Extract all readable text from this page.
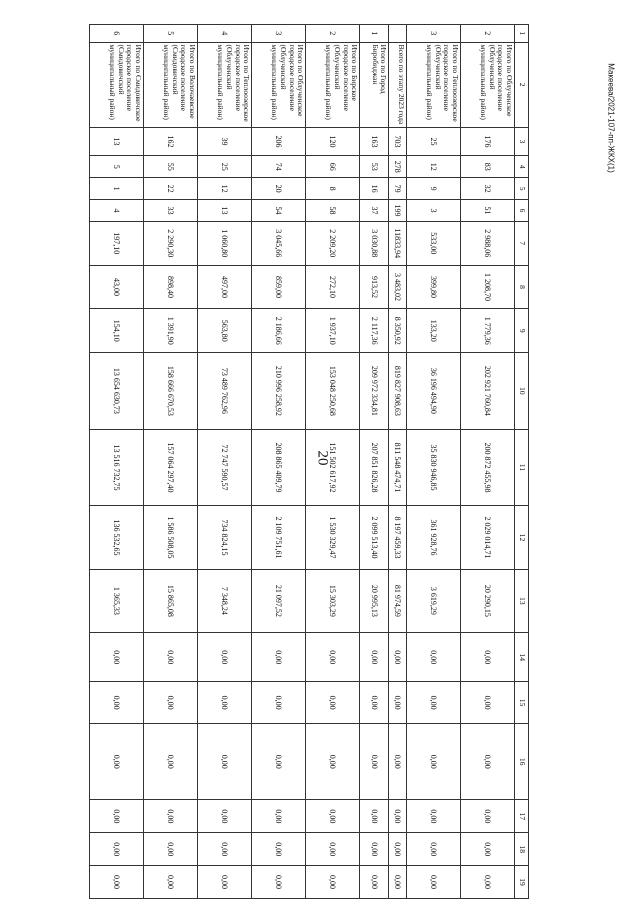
20
Макеева/2021-107-пп-ЖКХ(1)
1	2	3	4	5	6	7	8	9	10	11	12	13	14	15	16	17	18	19
2	Итого по Облученское городское поселение (Облученский муниципальный район)	176	83	32	51	2 988,06	1 208,70	1 779,36	202 921 760,84	200 872 455,98	2 029 014,71	20 290,15	0,00	0,00	0,00	0,00	0,00	0,00
3	Итого по Теплоозерское городское поселение (Облученский муниципальный район)	25	12	9	3	533,00	399,80	133,20	36 196 494,90	35 830 946,85	361 928,76	3 619,29	0,00	0,00	0,00	0,00	0,00	0,00
	Всего по этапу 2023 года	703	278	79	199	11833,94	3 483,02	8 350,92	819 827 908,63	811 548 474,71	8 197 459,33	81 974,59	0,00	0,00	0,00	0,00	0,00	0,00
1	Итого по Город Биробиджан	163	53	16	37	3 030,88	913,52	2 117,36	209 972 334,81	207 851 826,28	2 099 513,40	20 995,13	0,00	0,00	0,00	0,00	0,00	0,00
2	Итого по Бирское городское поселение (Облученский муниципальный район)	120	66	8	58	2 209,20	272,10	1 937,10	153 048 250,68	151 502 617,92	1 530 329,47	15 303,29	0,00	0,00	0,00	0,00	0,00	0,00
3	Итого по Облученское городское поселение (Облученский муниципальный район)	206	74	20	54	3 045,66	859,00	2 186,66	210 996 258,92	208 865 409,79	2 109 751,61	21 097,52	0,00	0,00	0,00	0,00	0,00	0,00
4	Итого по Теплоозерское городское поселение (Облученский муниципальный район)	39	25	12	13	1 060,80	497,00	563,80	73 489 762,96	72 747 590,57	734 824,15	7 348,24	0,00	0,00	0,00	0,00	0,00	0,00
5	Итого по Волочаевское городское поселение (Смидовичский муниципальный район)	162	55	22	33	2 290,30	898,40	1 391,90	158 666 670,53	157 064 297,40	1 586 508,05	15 865,08	0,00	0,00	0,00	0,00	0,00	0,00
6	Итого по Смидовичское городское поселение (Смидовичский муниципальный район)	13	5	1	4	197,10	43,00	154,10	13 654 630,73	13 516 732,75	136 532,65	1 365,33	0,00	0,00	0,00	0,00	0,00	0,00
